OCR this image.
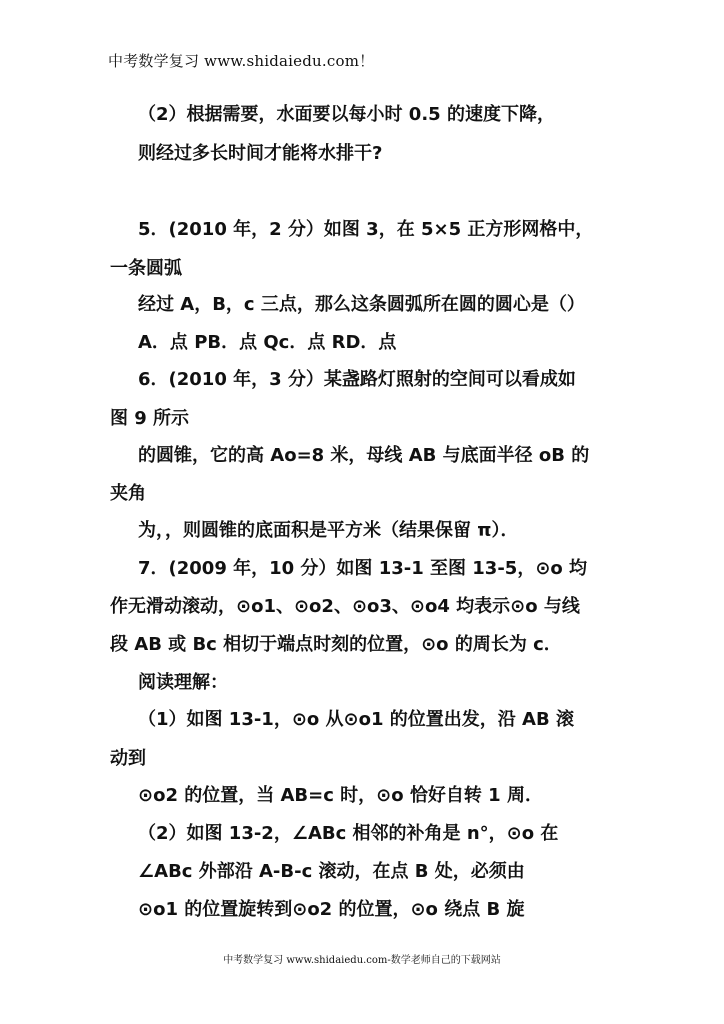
中考数学复习 www.shidaiedu.com！
（2）根据需要，水面要以每小时 0.5 的速度下降，
则经过多长时间才能将水排干?
5．(2010 年，2 分）如图 3，在 5×5 正方形网格中，
一条圆弧
经过 A，B，c 三点，那么这条圆弧所在圆的圆心是（）
A．点 PB．点 Qc．点 RD．点
6．(2010 年，3 分）某盏路灯照射的空间可以看成如
图 9 所示
的圆锥，它的高 Ao=8 米，母线 AB 与底面半径 oB 的
夹角
为，，则圆锥的底面积是平方米（结果保留 π）．
7．(2009 年，10 分）如图 13-1 至图 13-5，⊙o 均
作无滑动滚动，⊙o1、⊙o2、⊙o3、⊙o4 均表示⊙o 与线
段 AB 或 Bc 相切于端点时刻的位置，⊙o 的周长为 c．
阅读理解：
（1）如图 13-1，⊙o 从⊙o1 的位置出发，沿 AB 滚
动到
⊙o2 的位置，当 AB=c 时，⊙o 恰好自转 1 周．
（2）如图 13-2，∠ABc 相邻的补角是 n°，⊙o 在
∠ABc 外部沿 A-B-c 滚动，在点 B 处，必须由
⊙o1 的位置旋转到⊙o2 的位置，⊙o 绕点 B 旋
中考数学复习 www.shidaiedu.com-数学老师自己的下载网站
